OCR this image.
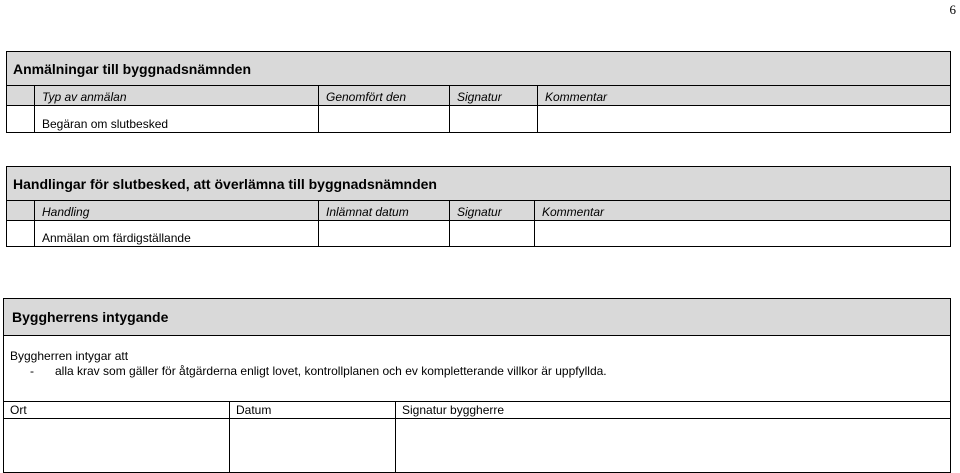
6
Anmälningar till byggnadsnämnden				
	Typ av anmälan	Genomfört den	Signatur	Kommentar
	Begäran om slutbesked			
Handlingar för slutbesked, att överlämna till byggnadsnämnden				
	Handling	Inlämnat datum	Signatur	Kommentar
	Anmälan om färdigställande			
Byggherrens intygande		

Byggherren intygar att
- alla krav som gäller för åtgärderna enligt lovet, kontrollplanen och ev kompletterande villkor är uppfyllda.		

Ort	Datum	Signatur byggherre
